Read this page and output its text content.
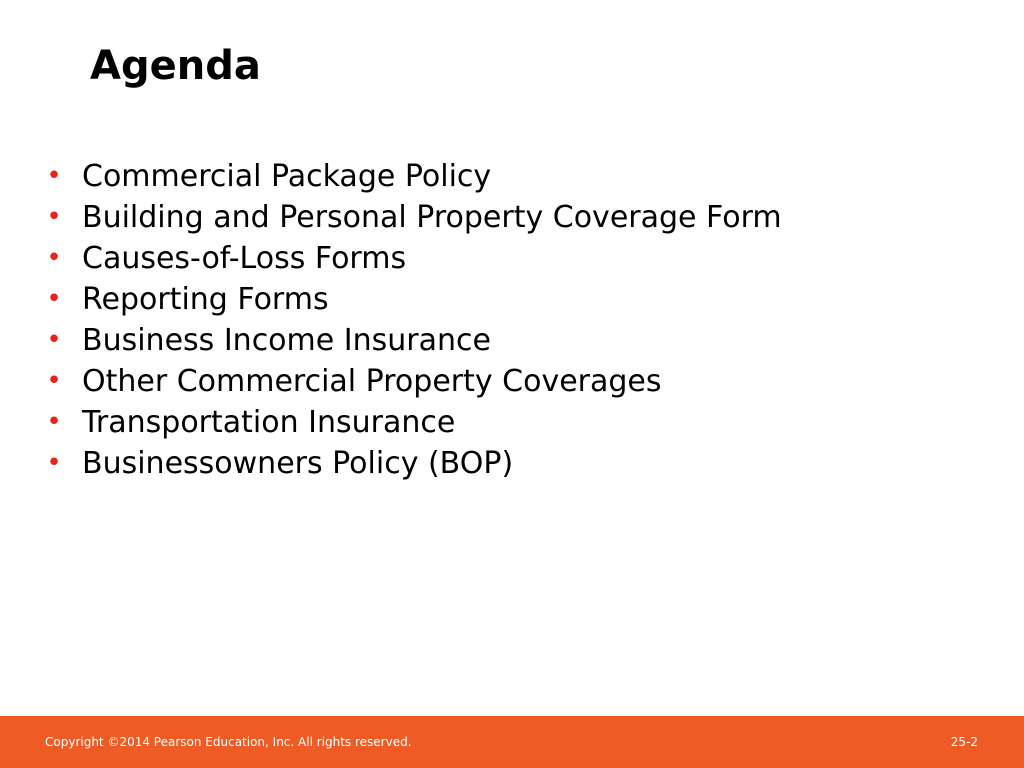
Agenda
• Commercial Package Policy
• Building and Personal Property Coverage Form
• Causes-of-Loss Forms
• Reporting Forms
• Business Income Insurance
• Other Commercial Property Coverages
• Transportation Insurance
• Businessowners Policy (BOP)
Copyright ©2014 Pearson Education, Inc. All rights reserved.	25-2
